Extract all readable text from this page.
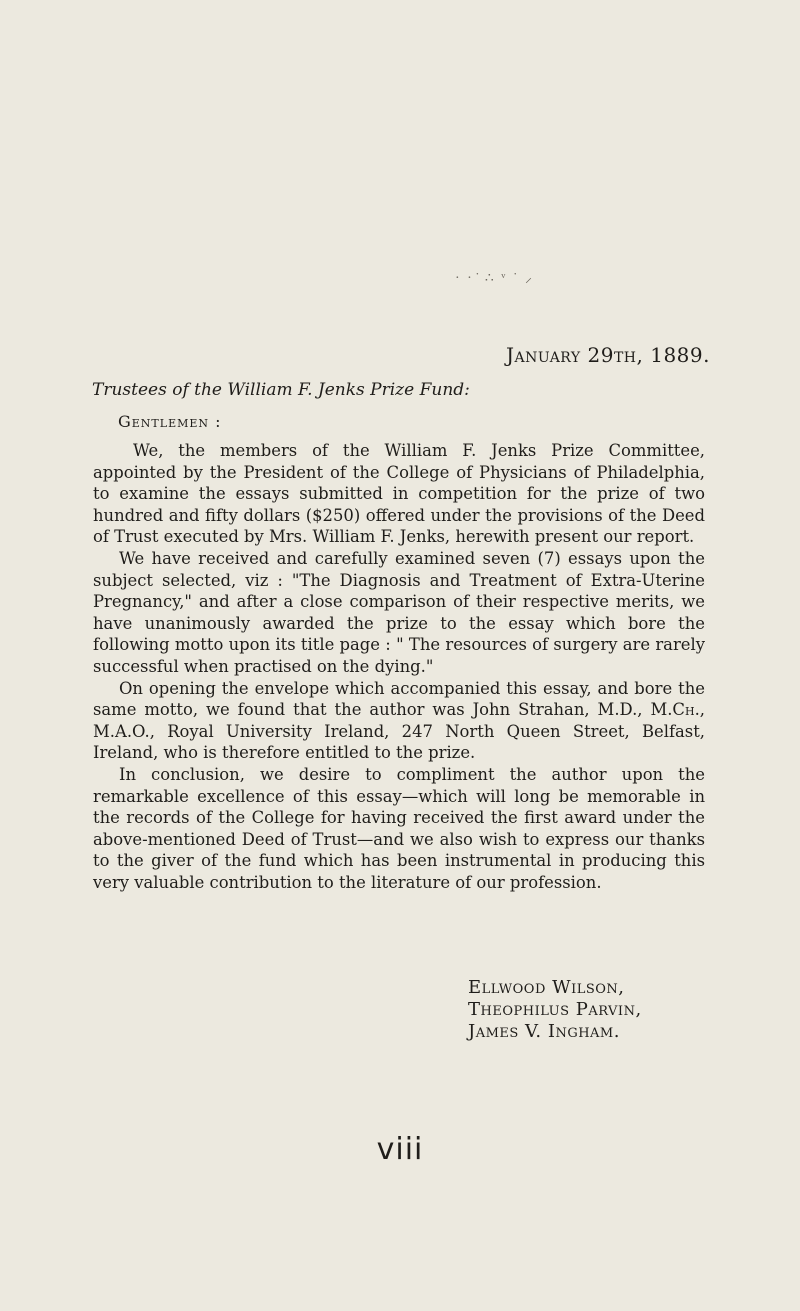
· · ̇ ∴ ᵛ ˙ ⸝
January 29th, 1889.
Trustees of the William F. Jenks Prize Fund:
Gentlemen :

We, the members of the William F. Jenks Prize Committee, appointed by the President of the College of Physicians of Philadelphia, to examine the essays submitted in competition for the prize of two hundred and fifty dollars ($250) offered under the provisions of the Deed of Trust executed by Mrs. William F. Jenks, herewith present our report.

We have received and carefully examined seven (7) essays upon the subject selected, viz : "The Diagnosis and Treatment of Extra-Uterine Pregnancy," and after a close comparison of their respective merits, we have unanimously awarded the prize to the essay which bore the following motto upon its title page : " The resources of surgery are rarely successful when practised on the dying."

On opening the envelope which accompanied this essay, and bore the same motto, we found that the author was John Strahan, M.D., M.Ch., M.A.O., Royal University Ireland, 247 North Queen Street, Belfast, Ireland, who is therefore entitled to the prize.

In conclusion, we desire to compliment the author upon the remarkable excellence of this essay—which will long be memorable in the records of the College for having received the first award under the above-mentioned Deed of Trust—and we also wish to express our thanks to the giver of the fund which has been instrumental in producing this very valuable contribution to the literature of our profession.

Ellwood Wilson,
Theophilus Parvin,
James V. Ingham.
viii
